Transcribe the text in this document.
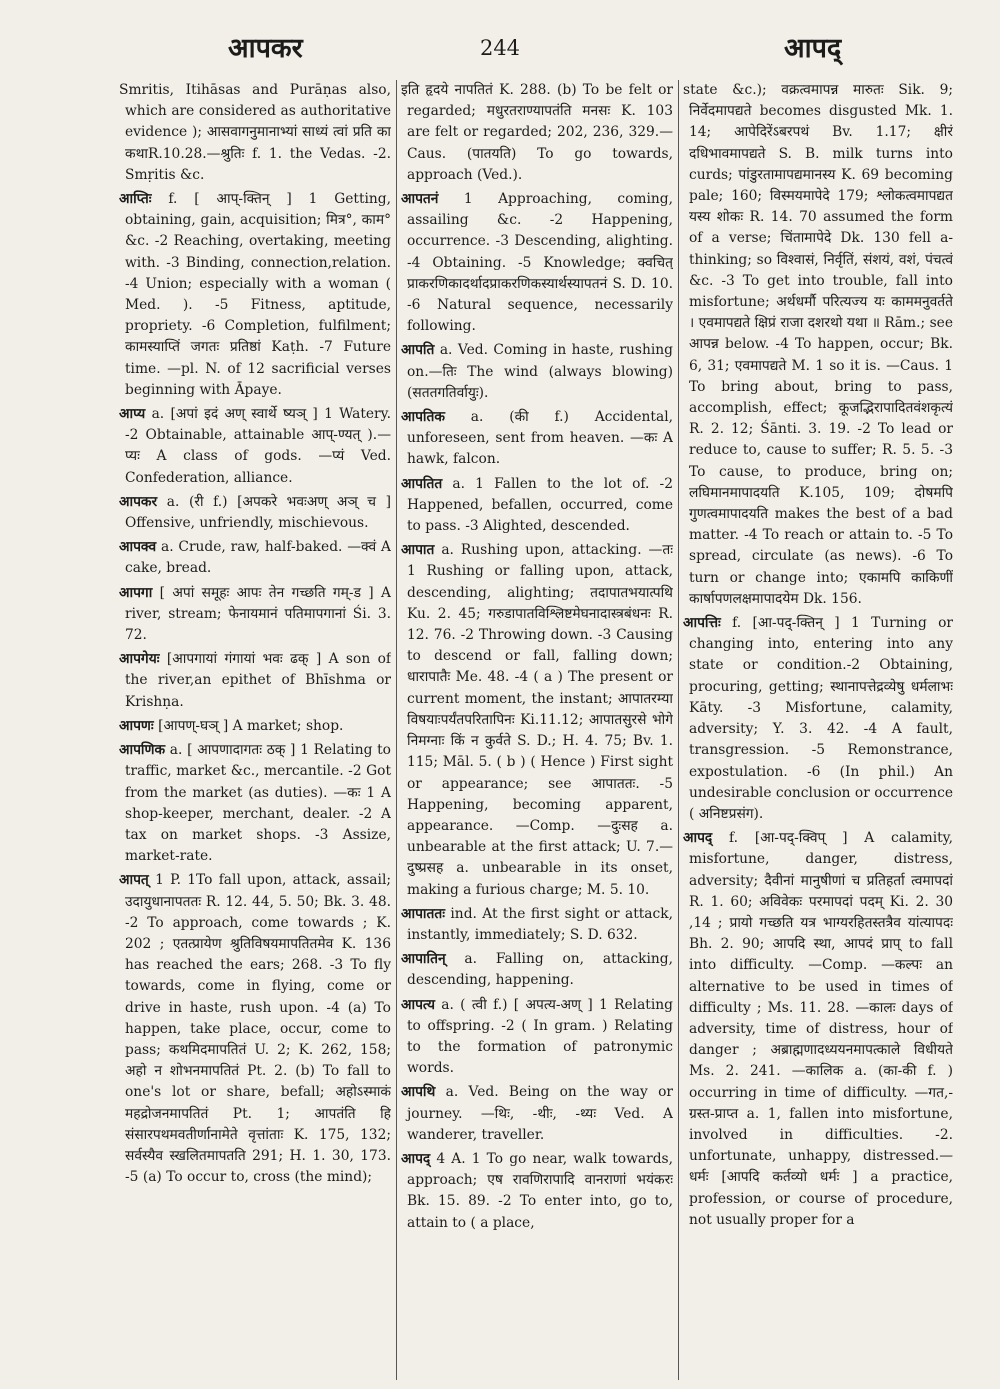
आपकर	244	आपद्

Smritis, Itihāsas and Purāṇas also, which are considered as authoritative evidence ); आसवागनुमानाभ्यां साध्यं त्वां प्रति का कथाR.10.28.—श्रुतिः f. 1. the Vedas. -2. Smṛitis &c.

आप्तिः f. [ आप्-क्तिन् ] 1 Getting, obtaining, gain, acquisition; मित्र°, काम° &c. -2 Reaching, overtaking, meeting with. -3 Binding, connection,relation. -4 Union; especially with a woman ( Med. ). -5 Fitness, aptitude, propriety. -6 Completion, fulfilment; कामस्याप्तिं जगतः प्रतिष्ठां Kaṭh. -7 Future time. —pl. N. of 12 sacrificial verses beginning with Āpaye.

आप्य a. [अपां इदं अण् स्वार्थे ष्यञ् ] 1 Watery. -2 Obtainable, attainable आप्-ण्यत् ).—प्यः A class of gods. —प्यं Ved. Confederation, alliance.

आपकर a. (री f.) [अपकरे भवःअण् अञ् च ] Offensive, unfriendly, mischievous.

आपक्व a. Crude, raw, half-baked. —क्वं A cake, bread.

आपगा [ अपां समूहः आपः तेन गच्छति गम्-ड ] A river, stream; फेनायमानं पतिमापगानां Śi. 3. 72.

आपगेयः [आपगायां गंगायां भवः ढक् ] A son of the river,an epithet of Bhīshma or Krishṇa.

आपणः [आपण्-घञ् ] A market; shop.

आपणिक a. [ आपणादागतः ठक् ] 1 Relating to traffic, market &c., mercantile. -2 Got from the market (as duties). —कः 1 A shop-keeper, merchant, dealer. -2 A tax on market shops. -3 Assize, market-rate.

आपत् 1 P. 1To fall upon, attack, assail; उदायुधानापततः R. 12. 44, 5. 50; Bk. 3. 48. -2 To approach, come towards ; K. 202 ; एतत्प्रायेण श्रुतिविषयमापतितमेव K. 136 has reached the ears; 268. -3 To fly towards, come in flying, come or drive in haste, rush upon. -4 (a) To happen, take place, occur, come to pass; कथमिदमापतितं U. 2; K. 262, 158; अहो न शोभनमापतितं Pt. 2. (b) To fall to one's lot or share, befall; अहोऽस्माकं महद्रोजनमापतितं Pt. 1; आपतंति हि संसारपथमवतीर्णानामेते वृत्तांताः K. 175, 132; सर्वस्यैव स्खलितमापतति 291; H. 1. 30, 173. -5 (a) To occur to, cross (the mind);

इति हृदये नापतितं K. 288. (b) To be felt or regarded; मधुरतराण्यापतंति मनसः K. 103 are felt or regarded; 202, 236, 329.—Caus. (पातयति) To go towards, approach (Ved.).

आपतनं 1 Approaching, coming, assailing &c. -2 Happening, occurrence. -3 Descending, alighting. -4 Obtaining. -5 Knowledge; क्वचित् प्राकरणिकादर्थादप्राकरणिकस्यार्थस्यापतनं S. D. 10. -6 Natural sequence, necessarily following.

आपति a. Ved. Coming in haste, rushing on.—तिः The wind (always blowing) (सततगतिर्वायुः).

आपतिक a. (की f.) Accidental, unforeseen, sent from heaven. —कः A hawk, falcon.

आपतित a. 1 Fallen to the lot of. -2 Happened, befallen, occurred, come to pass. -3 Alighted, descended.

आपात a. Rushing upon, attacking. —तः 1 Rushing or falling upon, attack, descending, alighting; तदापातभयात्पथि Ku. 2. 45; गरुडापातविश्लिष्टमेघनादास्त्रबंधनः R. 12. 76. -2 Throwing down. -3 Causing to descend or fall, falling down; धारापातैः Me. 48. -4 ( a ) The present or current moment, the instant; आपातरम्या विषयाःपर्यंतपरितापिनः Ki.11.12; आपातसुरसे भोगे निमग्नाः किं न कुर्वते S. D.; H. 4. 75; Bv. 1. 115; Māl. 5. ( b ) ( Hence ) First sight or appearance; see आपाततः. -5 Happening, becoming apparent, appearance. —Comp. —दुःसह a. unbearable at the first attack; U. 7.—दुष्प्रसह a. unbearable in its onset, making a furious charge; M. 5. 10.

आपाततः ind. At the first sight or attack, instantly, immediately; S. D. 632.

आपातिन् a. Falling on, attacking, descending, happening.

आपत्य a. ( त्वी f.) [ अपत्य-अण् ] 1 Relating to offspring. -2 ( In gram. ) Relating to the formation of patronymic words.

आपथि a. Ved. Being on the way or journey. —थिः, -थीः, -थ्यः Ved. A wanderer, traveller.

आपद् 4 A. 1 To go near, walk towards, approach; एष रावणिरापादि वानराणां भयंकरः Bk. 15. 89. -2 To enter into, go to, attain to ( a place,

state &c.); वक्रत्वमापन्न मारुतः Sik. 9; निर्वेदमापद्यते becomes disgusted Mk. 1. 14; आपेदिरेंऽबरपथं Bv. 1.17; क्षीरं दधिभावमापद्यते S. B. milk turns into curds; पांडुरतामापद्यमानस्य K. 69 becoming pale; 160; विस्मयमापेदे 179; श्लोकत्वमापद्यत यस्य शोकः R. 14. 70 assumed the form of a verse; चिंतामापेदे Dk. 130 fell a-thinking; so विश्वासं, निर्वृतिं, संशयं, वशं, पंचत्वं &c. -3 To get into trouble, fall into misfortune; अर्थधर्मौ परित्यज्य यः काममनुवर्तते । एवमापद्यते क्षिप्रं राजा दशरथो यथा ॥ Rām.; see आपन्न below. -4 To happen, occur; Bk. 6, 31; एवमापद्यते M. 1 so it is. —Caus. 1 To bring about, bring to pass, accomplish, effect; कूजद्भिरापादितवंशकृत्यं R. 2. 12; Śānti. 3. 19. -2 To lead or reduce to, cause to suffer; R. 5. 5. -3 To cause, to produce, bring on; लघिमानमापादयति K.105, 109; दोषमपि गुणत्वमापादयति makes the best of a bad matter. -4 To reach or attain to. -5 To spread, circulate (as news). -6 To turn or change into; एकामपि काकिणीं कार्षापणलक्षमापादयेम Dk. 156.

आपत्तिः f. [आ-पद्-क्तिन् ] 1 Turning or changing into, entering into any state or condition.-2 Obtaining, procuring, getting; स्थानापत्तेद्रव्येषु धर्मलाभः Kāty. -3 Misfortune, calamity, adversity; Y. 3. 42. -4 A fault, transgression. -5 Remonstrance, expostulation. -6 (In phil.) An undesirable conclusion or occurrence ( अनिष्टप्रसंग).

आपद् f. [आ-पद्-क्विप् ] A calamity, misfortune, danger, distress, adversity; दैवीनां मानुषीणां च प्रतिहर्ता त्वमापदां R. 1. 60; अविवेकः परमापदां पदम् Ki. 2. 30 ,14 ; प्रायो गच्छति यत्र भाग्यरहितस्तत्रैव यांत्यापदः Bh. 2. 90; आपदि स्था, आपदं प्राप् to fall into difficulty. —Comp. —कल्पः an alternative to be used in times of difficulty ; Ms. 11. 28. —कालः days of adversity, time of distress, hour of danger ; अब्राह्मणादध्ययनमापत्काले विधीयते Ms. 2. 241. —कालिक a. (का-की f. ) occurring in time of difficulty. —गत,-ग्रस्त-प्राप्त a. 1, fallen into misfortune, involved in difficulties. -2. unfortunate, unhappy, distressed.—धर्मः [आपदि कर्तव्यो धर्मः ] a practice, profession, or course of procedure, not usually proper for a
